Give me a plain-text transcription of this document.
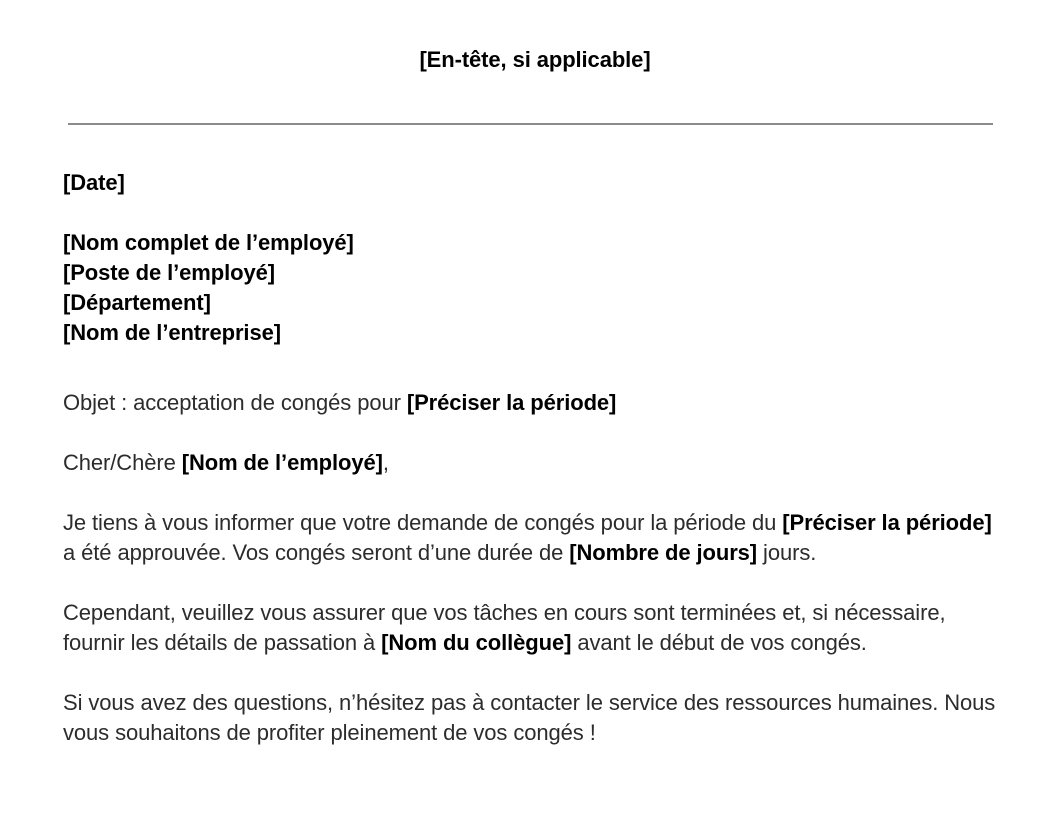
[En-tête, si applicable]
[Date]
[Nom complet de l’employé]
[Poste de l’employé]
[Département]
[Nom de l’entreprise]
Objet : acceptation de congés pour [Préciser la période]
Cher/Chère [Nom de l’employé],
Je tiens à vous informer que votre demande de congés pour la période du [Préciser la période] a été approuvée. Vos congés seront d’une durée de [Nombre de jours] jours.
Cependant, veuillez vous assurer que vos tâches en cours sont terminées et, si nécessaire, fournir les détails de passation à [Nom du collègue] avant le début de vos congés.
Si vous avez des questions, n’hésitez pas à contacter le service des ressources humaines. Nous vous souhaitons de profiter pleinement de vos congés !
